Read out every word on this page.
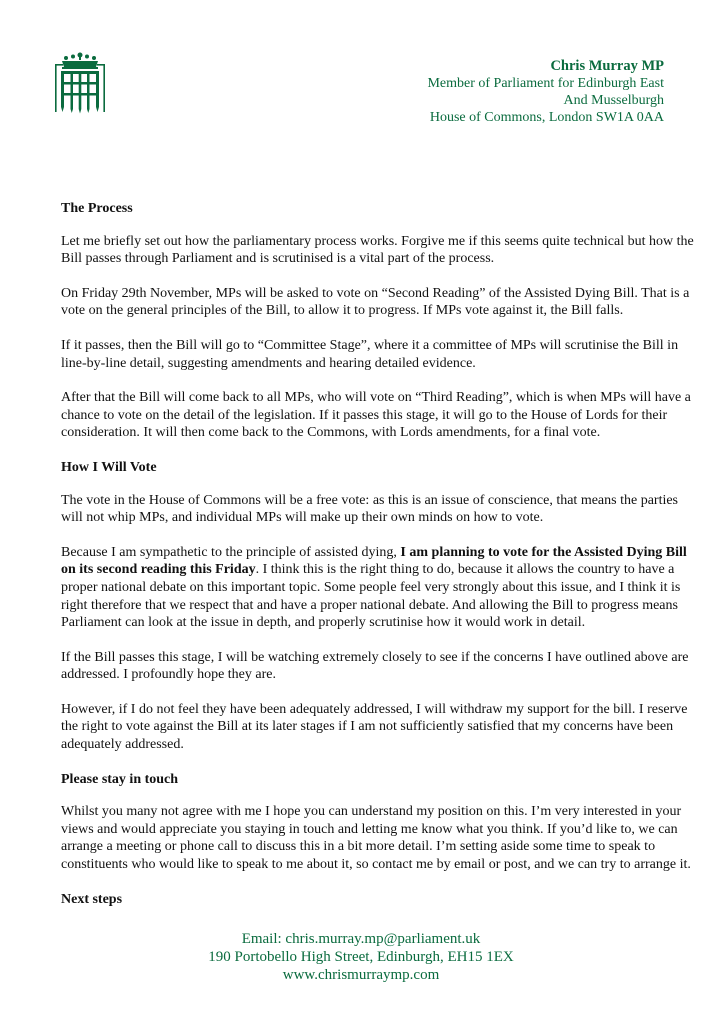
Chris Murray MP
Member of Parliament for Edinburgh East
And Musselburgh
House of Commons, London SW1A 0AA
The Process

Let me briefly set out how the parliamentary process works. Forgive me if this seems quite technical but how the Bill passes through Parliament and is scrutinised is a vital part of the process.

On Friday 29th November, MPs will be asked to vote on “Second Reading” of the Assisted Dying Bill. That is a vote on the general principles of the Bill, to allow it to progress. If MPs vote against it, the Bill falls.

If it passes, then the Bill will go to “Committee Stage”, where it a committee of MPs will scrutinise the Bill in line-by-line detail, suggesting amendments and hearing detailed evidence.

After that the Bill will come back to all MPs, who will vote on “Third Reading”, which is when MPs will have a chance to vote on the detail of the legislation. If it passes this stage, it will go to the House of Lords for their consideration. It will then come back to the Commons, with Lords amendments, for a final vote.

How I Will Vote

The vote in the House of Commons will be a free vote: as this is an issue of conscience, that means the parties will not whip MPs, and individual MPs will make up their own minds on how to vote.

Because I am sympathetic to the principle of assisted dying, I am planning to vote for the Assisted Dying Bill on its second reading this Friday. I think this is the right thing to do, because it allows the country to have a proper national debate on this important topic. Some people feel very strongly about this issue, and I think it is right therefore that we respect that and have a proper national debate. And allowing the Bill to progress means Parliament can look at the issue in depth, and properly scrutinise how it would work in detail.

If the Bill passes this stage, I will be watching extremely closely to see if the concerns I have outlined above are addressed. I profoundly hope they are.

However, if I do not feel they have been adequately addressed, I will withdraw my support for the bill. I reserve the right to vote against the Bill at its later stages if I am not sufficiently satisfied that my concerns have been adequately addressed.

Please stay in touch

Whilst you many not agree with me I hope you can understand my position on this. I’m very interested in your views and would appreciate you staying in touch and letting me know what you think. If you’d like to, we can arrange a meeting or phone call to discuss this in a bit more detail. I’m setting aside some time to speak to constituents who would like to speak to me about it, so contact me by email or post, and we can try to arrange it.

Next steps
Email: chris.murray.mp@parliament.uk
190 Portobello High Street, Edinburgh, EH15 1EX
www.chrismurraymp.com
